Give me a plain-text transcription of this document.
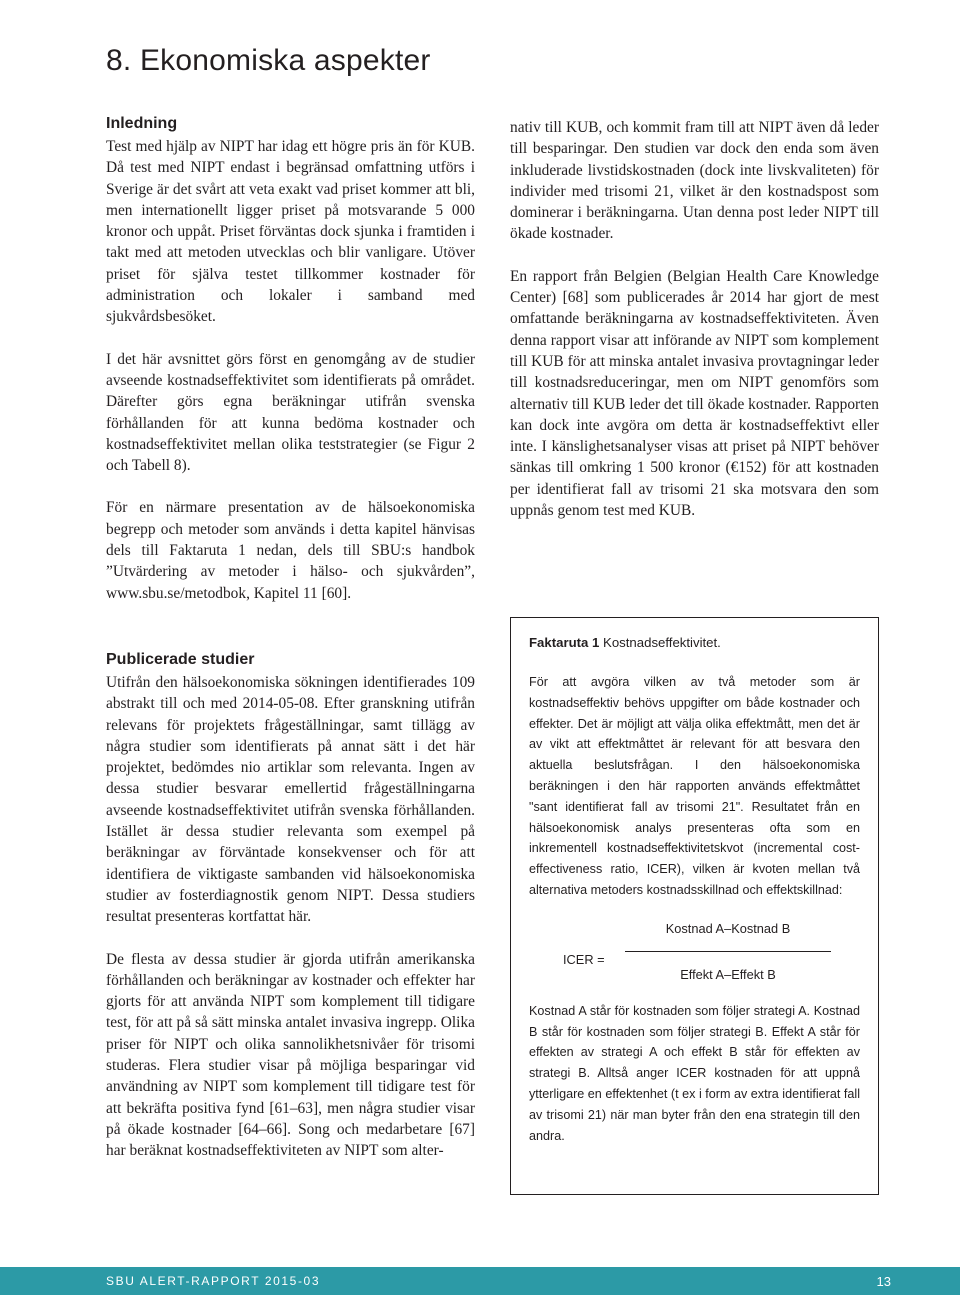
8. Ekonomiska aspekter
Inledning

Test med hjälp av NIPT har idag ett högre pris än för KUB. Då test med NIPT endast i begränsad omfattning utförs i Sverige är det svårt att veta exakt vad priset kommer att bli, men internationellt ligger priset på motsvarande 5 000 kronor och uppåt. Priset förväntas dock sjunka i framtiden i takt med att metoden utvecklas och blir vanligare. Utöver priset för själva testet tillkommer kostnader för administration och lokaler i samband med sjukvårdsbesöket.

I det här avsnittet görs först en genomgång av de studier avseende kostnadseffektivitet som identifierats på området. Därefter görs egna beräkningar utifrån svenska förhållanden för att kunna bedöma kostnader och kostnadseffektivitet mellan olika teststrategier (se Figur 2 och Tabell 8).

För en närmare presentation av de hälsoekonomiska begrepp och metoder som används i detta kapitel hänvisas dels till Faktaruta 1 nedan, dels till SBU:s handbok ”Utvärdering av metoder i hälso- och sjukvården”, www.sbu.se/metodbok, Kapitel 11 [60].

Publicerade studier

Utifrån den hälsoekonomiska sökningen identifierades 109 abstrakt till och med 2014-05-08. Efter granskning utifrån relevans för projektets frågeställningar, samt tillägg av några studier som identifierats på annat sätt i det här projektet, bedömdes nio artiklar som relevanta. Ingen av dessa studier besvarar emellertid frågeställningarna avseende kostnadseffektivitet utifrån svenska förhållanden. Istället är dessa studier relevanta som exempel på beräkningar av förväntade konsekvenser och för att identifiera de viktigaste sambanden vid hälsoekonomiska studier av fosterdiagnostik genom NIPT. Dessa studiers resultat presenteras kortfattat här.

De flesta av dessa studier är gjorda utifrån amerikanska förhållanden och beräkningar av kostnader och effekter har gjorts för att använda NIPT som komplement till tidigare test, för att på så sätt minska antalet invasiva ingrepp. Olika priser för NIPT och olika sannolikhetsnivåer för trisomi studeras. Flera studier visar på möjliga besparingar vid användning av NIPT som komplement till tidigare test för att bekräfta positiva fynd [61–63], men några studier visar på ökade kostnader [64–66]. Song och medarbetare [67] har beräknat kostnadseffektiviteten av NIPT som alter-

nativ till KUB, och kommit fram till att NIPT även då leder till besparingar. Den studien var dock den enda som även inkluderade livstidskostnaden (dock inte livskvaliteten) för individer med trisomi 21, vilket är den kostnadspost som dominerar i beräkningarna. Utan denna post leder NIPT till ökade kostnader.

En rapport från Belgien (Belgian Health Care Knowledge Center) [68] som publicerades år 2014 har gjort de mest omfattande beräkningarna av kostnadseffektiviteten. Även denna rapport visar att införande av NIPT som komplement till KUB för att minska antalet invasiva provtagningar leder till kostnadsreduceringar, men om NIPT genomförs som alternativ till KUB leder det till ökade kostnader. Rapporten kan dock inte avgöra om detta är kostnadseffektivt eller inte. I känslighetsanalyser visas att priset på NIPT behöver sänkas till omkring 1 500 kronor (€152) för att kostnaden per identifierat fall av trisomi 21 ska motsvara den som uppnås genom test med KUB.

Faktaruta 1 Kostnadseffektivitet.

För att avgöra vilken av två metoder som är kostnadseffektiv behövs uppgifter om både kostnader och effekter. Det är möjligt att välja olika effektmått, men det är av vikt att effektmåttet är relevant för att besvara den aktuella beslutsfrågan. I den hälsoekonomiska beräkningen i den här rapporten används effektmåttet "sant identifierat fall av trisomi 21". Resultatet från en hälsoekonomisk analys presenteras ofta som en inkrementell kostnadseffektivitetskvot (incremental cost-effectiveness ratio, ICER), vilken är kvoten mellan två alternativa metoders kostnadsskillnad och effektskillnad:

ICER =
Kostnad A–Kostnad B
Effekt A–Effekt B

Kostnad A står för kostnaden som följer strategi A. Kostnad B står för kostnaden som följer strategi B. Effekt A står för effekten av strategi A och effekt B står för effekten av strategi B. Alltså anger ICER kostnaden för att uppnå ytterligare en effektenhet (t ex i form av extra identifierat fall av trisomi 21) när man byter från den ena strategin till den andra.

SBU ALERT-RAPPORT 2015-03	13
